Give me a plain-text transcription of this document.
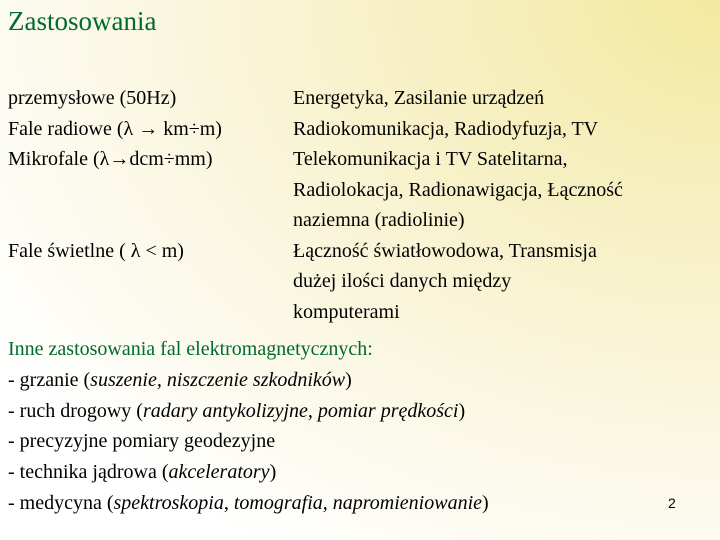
Zastosowania
przemysłowe (50Hz)	Energetyka, Zasilanie urządzeń
Fale radiowe (λ → km÷m)	Radiokomunikacja, Radiodyfuzja, TV
Mikrofale (λ→dcm÷mm)	Telekomunikacja i TV Satelitarna,
Radiolokacja, Radionawigacja, Łączność
naziemna (radiolinie)
Fale świetlne ( λ < m)	Łączność światłowodowa, Transmisja
dużej ilości danych między
komputerami
Inne zastosowania fal elektromagnetycznych:
- grzanie (suszenie, niszczenie szkodników)
- ruch drogowy (radary antykolizyjne, pomiar prędkości)
- precyzyjne pomiary geodezyjne
- technika jądrowa (akceleratory)
- medycyna (spektroskopia, tomografia, napromieniowanie)	2
